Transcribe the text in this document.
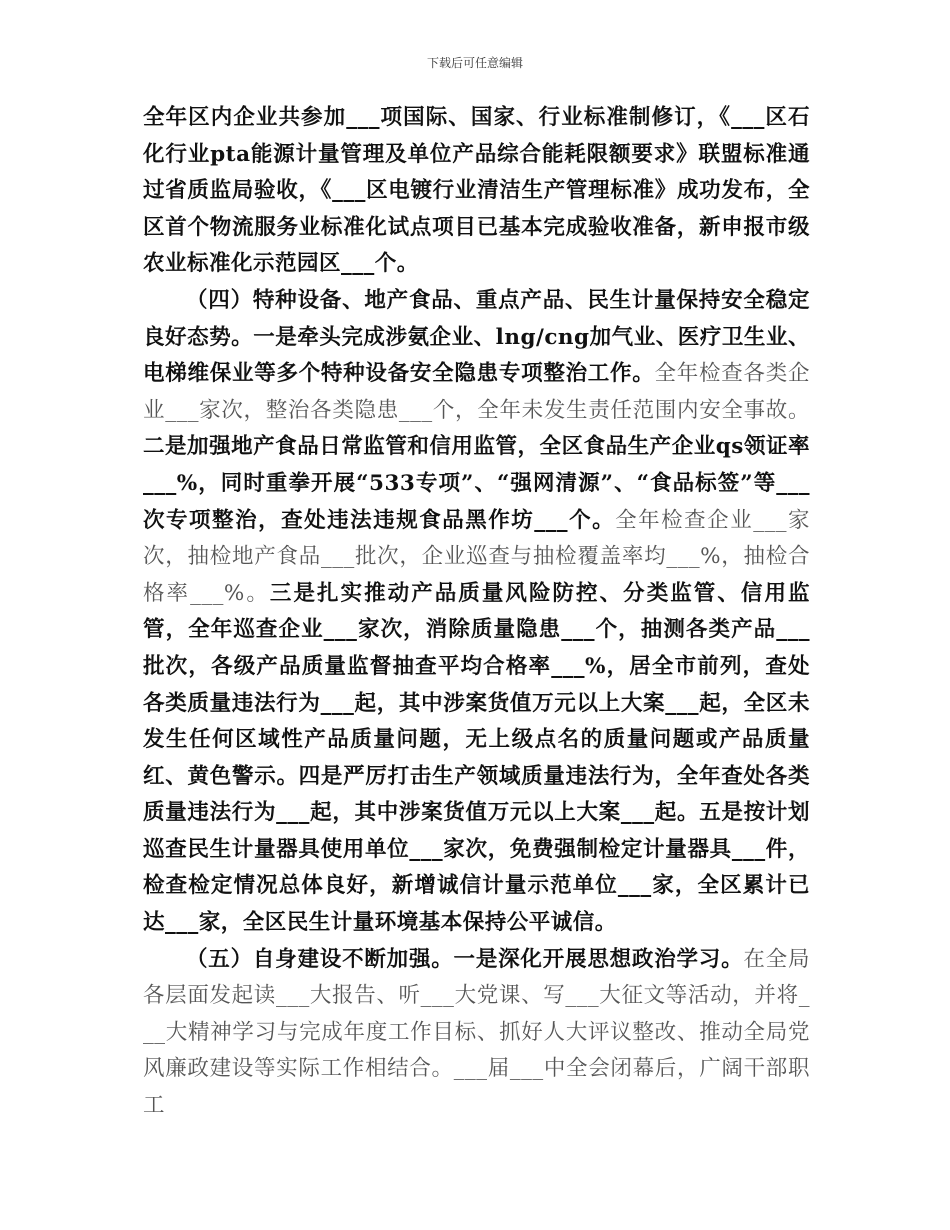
下载后可任意编辑

全年区内企业共参加___项国际、国家、行业标准制修订，《___区石化行业pta能源计量管理及单位产品综合能耗限额要求》联盟标准通过省质监局验收，《___区电镀行业清洁生产管理标准》成功发布，全区首个物流服务业标准化试点项目已基本完成验收准备，新申报市级农业标准化示范园区___个。

（四）特种设备、地产食品、重点产品、民生计量保持安全稳定良好态势。一是牵头完成涉氨企业、lng/cng加气业、医疗卫生业、电梯维保业等多个特种设备安全隐患专项整治工作。全年检查各类企业___家次，整治各类隐患___个，全年未发生责任范围内安全事故。二是加强地产食品日常监管和信用监管，全区食品生产企业qs领证率___%，同时重拳开展“533专项”、“强网清源”、“食品标签”等___次专项整治，查处违法违规食品黑作坊___个。全年检查企业___家次，抽检地产食品___批次，企业巡查与抽检覆盖率均___%，抽检合格率___%。三是扎实推动产品质量风险防控、分类监管、信用监管，全年巡查企业___家次，消除质量隐患___个，抽测各类产品___批次，各级产品质量监督抽查平均合格率___%，居全市前列，查处各类质量违法行为___起，其中涉案货值万元以上大案___起，全区未发生任何区域性产品质量问题，无上级点名的质量问题或产品质量红、黄色警示。四是严厉打击生产领域质量违法行为，全年查处各类质量违法行为___起，其中涉案货值万元以上大案___起。五是按计划巡查民生计量器具使用单位___家次，免费强制检定计量器具___件，检查检定情况总体良好，新增诚信计量示范单位___家，全区累计已达___家，全区民生计量环境基本保持公平诚信。

（五）自身建设不断加强。一是深化开展思想政治学习。在全局各层面发起读___大报告、听___大党课、写___大征文等活动，并将___大精神学习与完成年度工作目标、抓好人大评议整改、推动全局党风廉政建设等实际工作相结合。___届___中全会闭幕后，广阔干部职工
